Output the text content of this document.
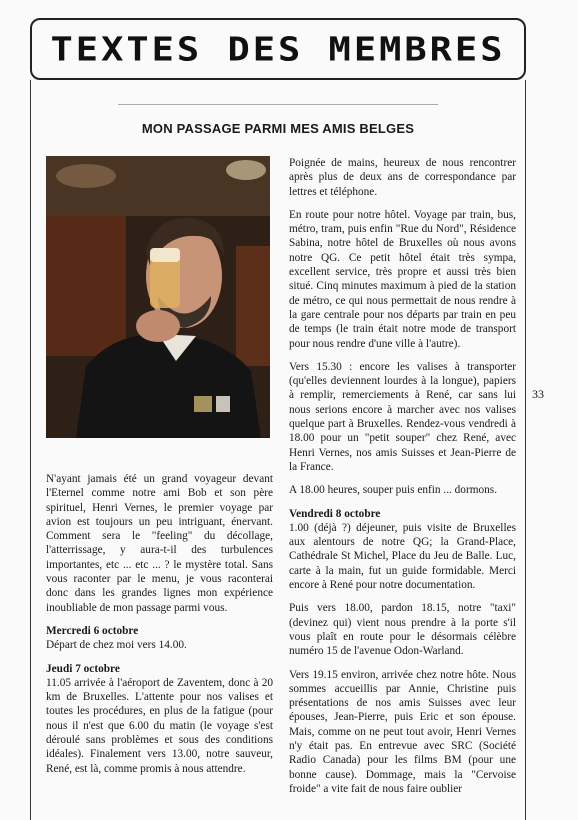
TEXTES DES MEMBRES
MON PASSAGE PARMI MES AMIS BELGES

Poignée de mains, heureux de nous rencontrer après plus de deux ans de correspondance par lettres et téléphone.

En route pour notre hôtel. Voyage par train, bus, métro, tram, puis enfin "Rue du Nord", Résidence Sabina, notre hôtel de Bruxelles où nous avons notre QG. Ce petit hôtel était très sympa, excellent service, très propre et aussi très bien situé. Cinq minutes maximum à pied de la station de métro, ce qui nous permettait de nous rendre à la gare centrale pour nos départs par train en peu de temps (le train était notre mode de transport pour nous rendre d'une ville à l'autre).

Vers 15.30 : encore les valises à transporter (qu'elles deviennent lourdes à la longue), papiers à remplir, remerciements à René, car sans lui nous serions encore à marcher avec nos valises quelque part à Bruxelles. Rendez-vous vendredi à 18.00 pour un "petit souper" chez René, avec Henri Vernes, nos amis Suisses et Jean-Pierre de la France.

A 18.00 heures, souper puis enfin ... dormons.

Vendredi 8 octobre

1.00 (déjà ?) déjeuner, puis visite de Bruxelles aux alentours de notre QG; la Grand-Place, Cathédrale St Michel, Place du Jeu de Balle. Luc, carte à la main, fut un guide formidable. Merci encore à René pour notre documentation.

Puis vers 18.00, pardon 18.15, notre "taxi" (devinez qui) vient nous prendre à la porte s'il vous plaît en route pour le désormais célèbre numéro 15 de l'avenue Odon-Warland.

Vers 19.15 environ, arrivée chez notre hôte. Nous sommes accueillis par Annie, Christine puis présentations de nos amis Suisses avec leur épouses, Jean-Pierre, puis Eric et son épouse. Mais, comme on ne peut tout avoir, Henri Vernes n'y était pas. En entrevue avec SRC (Société Radio Canada) pour les films BM (pour une bonne cause). Dommage, mais la "Cervoise froide" a vite fait de nous faire oublier

N'ayant jamais été un grand voyageur devant l'Eternel comme notre ami Bob et son père spirituel, Henri Vernes, le premier voyage par avion est toujours un peu intriguant, énervant. Comment sera le "feeling" du décollage, l'atterrissage, y aura-t-il des turbulences importantes, etc ... etc ... ? le mystère total. Sans vous raconter par le menu, je vous raconterai donc dans les grandes lignes mon expérience inoubliable de mon passage parmi vous.

Mercredi 6 octobre

Départ de chez moi vers 14.00.

Jeudi 7 octobre

11.05 arrivée à l'aéroport de Zaventem, donc à 20 km de Bruxelles. L'attente pour nos valises et toutes les procédures, en plus de la fatigue (pour nous il n'est que 6.00 du matin (le voyage s'est déroulé sans problèmes et sous des conditions idéales). Finalement vers 13.00, notre sauveur, René, est là, comme promis à nous attendre.

33
